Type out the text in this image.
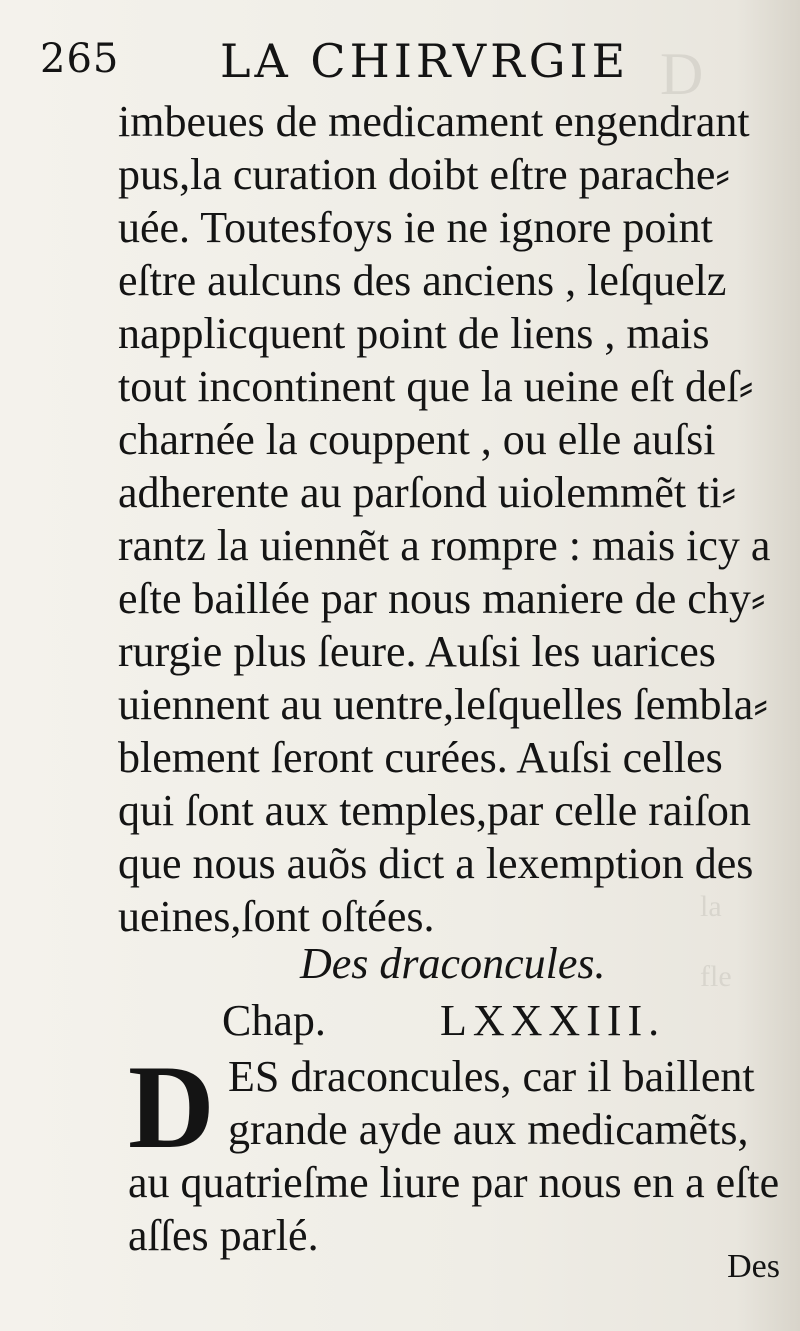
D
la
fle
265 LA CHIRVRGIE
imbeues de medicament engendrant
pus,la curation doibt eſtre parache⸗
uée. Toutesfoys ie ne ignore point
eſtre aulcuns des anciens , leſquelz
napplicquent point de liens , mais
tout incontinent que la ueine eſt deſ⸗
charnée la couppent , ou elle auſsi
adherente au parſond uiolemmẽt ti⸗
rantz la uiennẽt a rompre : mais icy a
eſte baillée par nous maniere de chy⸗
rurgie plus ſeure. Auſsi les uarices
uiennent au uentre,leſquelles ſembla⸗
blement ſeront curées. Auſsi celles
qui ſont aux temples,par celle raiſon
que nous auõs dict a lexemption des
ueines,ſont oſtées.
Des draconcules.
Chap.	LXXXIII.
D ES draconcules, car il baillent
grande ayde aux medicamẽts,
au quatrieſme liure par nous en a eſte
aſſes parlé.
Des
